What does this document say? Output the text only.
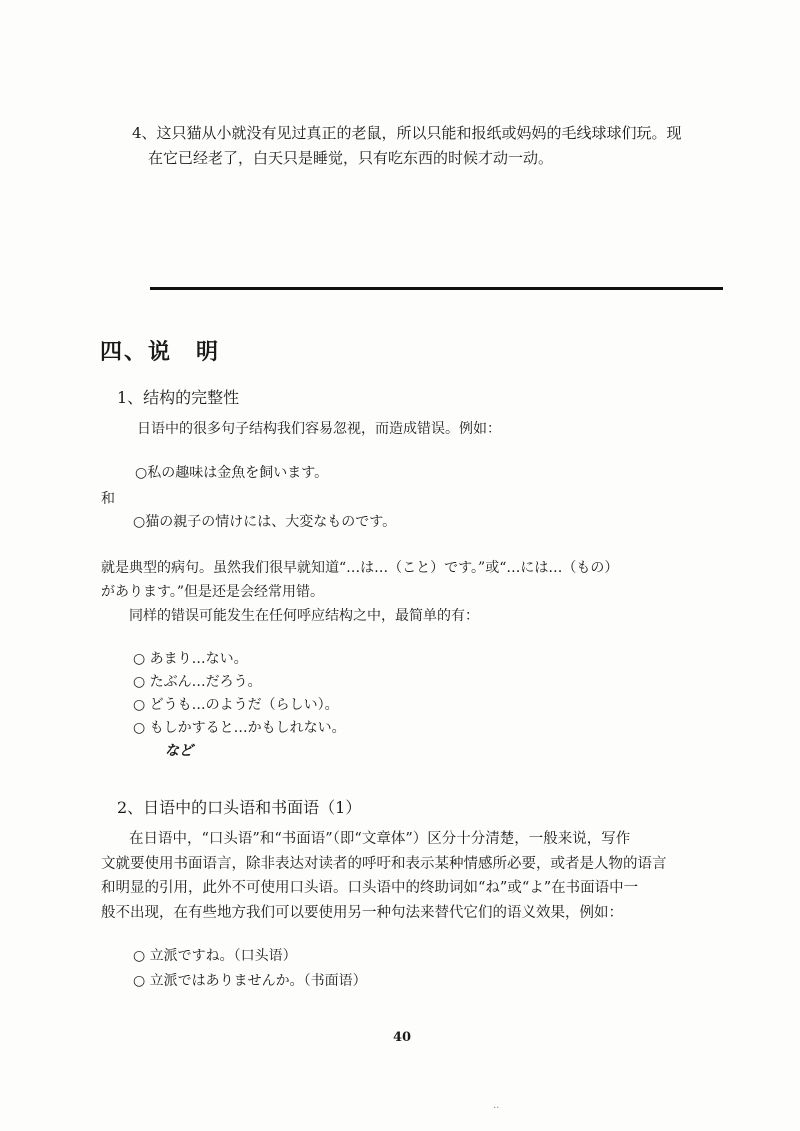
4、这只猫从小就没有见过真正的老鼠，所以只能和报纸或妈妈的毛线球球们玩。现
在它已经老了，白天只是睡觉，只有吃东西的时候才动一动。
四、说　明
1、结构的完整性
日语中的很多句子结构我们容易忽视，而造成错误。例如：
○私の趣味は金魚を飼います。
和
○猫の親子の情けには、大変なものです。
就是典型的病句。虽然我们很早就知道“…は…（こと）です。”或“…には…（もの）
があります。”但是还是会经常用错。
同样的错误可能发生在任何呼应结构之中，最简单的有：
○ あまり…ない。
○ たぶん…だろう。
○ どうも…のようだ（らしい）。
○ もしかすると…かもしれない。
など
2、日语中的口头语和书面语（1）
在日语中，“口头语”和“书面语”（即“文章体”）区分十分清楚，一般来说，写作
文就要使用书面语言，除非表达对读者的呼吁和表示某种情感所必要，或者是人物的语言
和明显的引用，此外不可使用口头语。口头语中的终助词如“ね”或“よ”在书面语中一
般不出现，在有些地方我们可以要使用另一种句法来替代它们的语义效果，例如：
○ 立派ですね。（口头语）
○ 立派ではありませんか。（书面语）
40
..
